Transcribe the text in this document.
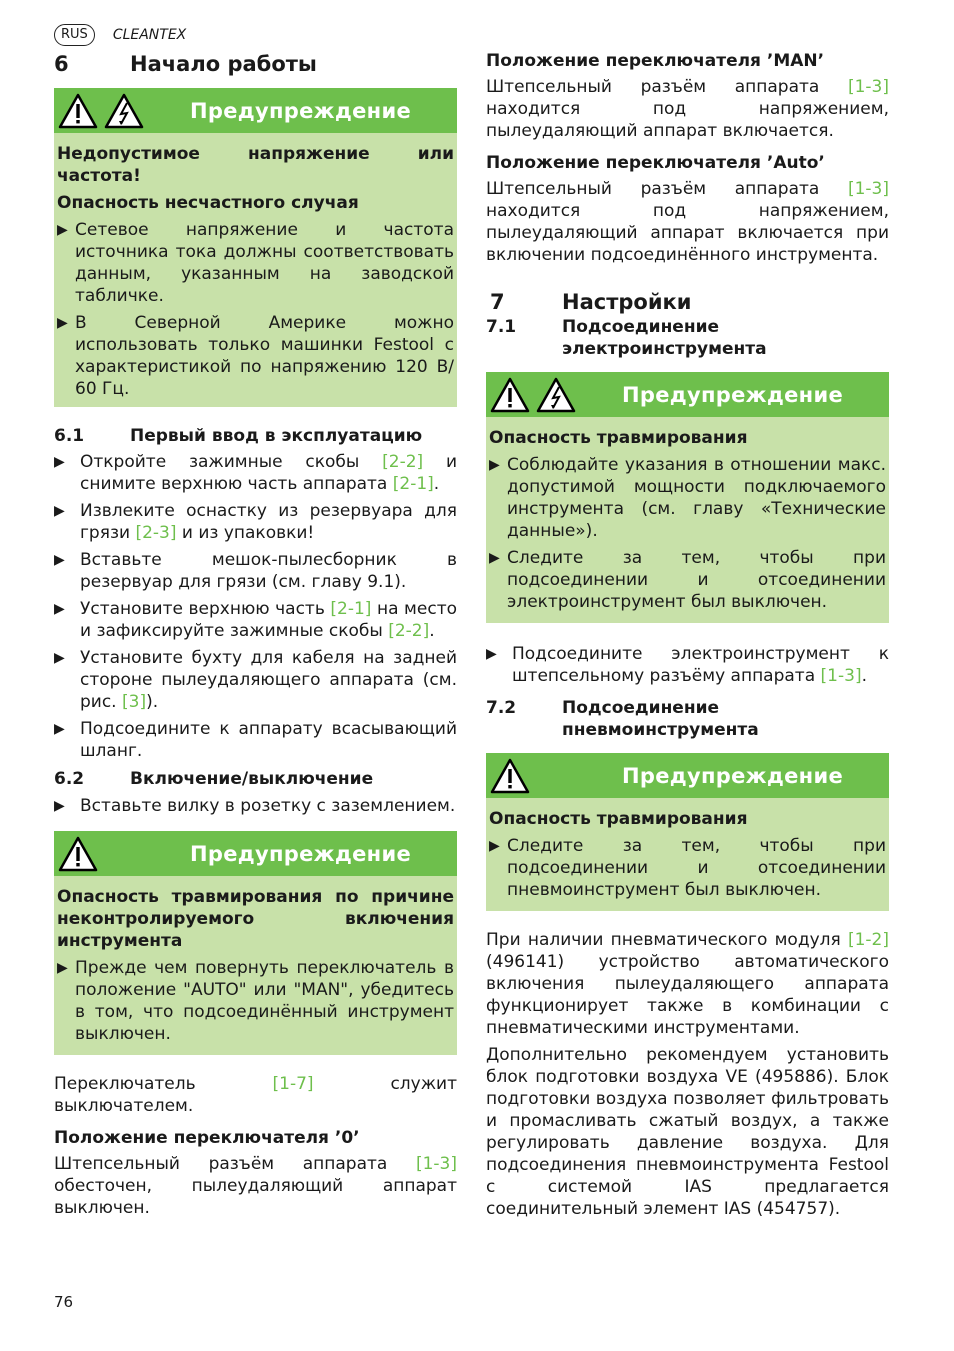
RUS	CLEANTEX
6	Начало работы
Предупреждение

Недопустимое напряжение или частота!

Опасность несчастного случая

▶ Сетевое напряжение и частота источника тока должны соответствовать данным, указанным на заводской табличке.
▶ В Северной Америке можно использовать только машинки Festool с характеристикой по напряжению 120 В/ 60 Гц.
6.1	Первый ввод в эксплуатацию
▶ Откройте зажимные скобы [2-2] и снимите верхнюю часть аппарата [2-1].
▶ Извлеките оснастку из резервуара для грязи [2-3] и из упаковки!
▶ Вставьте мешок-пылесборник в резервуар для грязи (см. главу 9.1).
▶ Установите верхнюю часть [2-1] на место и зафиксируйте зажимные скобы [2-2].
▶ Установите бухту для кабеля на задней стороне пылеудаляющего аппарата (см. рис. [3]).
▶ Подсоедините к аппарату всасывающий шланг.
6.2	Включение/выключение
▶ Вставьте вилку в розетку с заземлением.
Предупреждение

Опасность травмирования по причине неконтролируемого включения инструмента

▶ Прежде чем повернуть переключатель в положение "AUTO" или "MAN", убедитесь в том, что подсоединённый инструмент выключен.

Переключатель [1-7] служит выключателем.

Положение переключателя ’0’

Штепсельный разъём аппарата [1-3] обесточен, пылеудаляющий аппарат выключен.

Положение переключателя ’MAN’

Штепсельный разъём аппарата [1-3] находится под напряжением, пылеудаляющий аппарат включается.

Положение переключателя ’Auto’

Штепсельный разъём аппарата [1-3] находится под напряжением, пылеудаляющий аппарат включается при включении подсоединённого инструмента.

7	Настройки
7.1	Подсоединение электроинструмента
Предупреждение

Опасность травмирования

▶ Соблюдайте указания в отношении макс. допустимой мощности подключаемого инструмента (см. главу «Технические данные»).
▶ Следите за тем, чтобы при подсоединении и отсоединении электроинструмент был выключен.
▶ Подсоедините электроинструмент к штепсельному разъёму аппарата [1-3].
7.2	Подсоединение пневмоинструмента
Предупреждение

Опасность травмирования

▶ Следите за тем, чтобы при подсоединении и отсоединении пневмоинструмент был выключен.

При наличии пневматического модуля [1-2] (496141) устройство автоматического включения пылеудаляющего аппарата функционирует также в комбинации с пневматическими инструментами.

Дополнительно рекомендуем установить блок подготовки воздуха VE (495886). Блок подготовки воздуха позволяет фильтровать и промасливать сжатый воздух, а также регулировать давление воздуха. Для подсоединения пневмоинструмента Festool с системой IAS предлагается соединительный элемент IAS (454757).

76
